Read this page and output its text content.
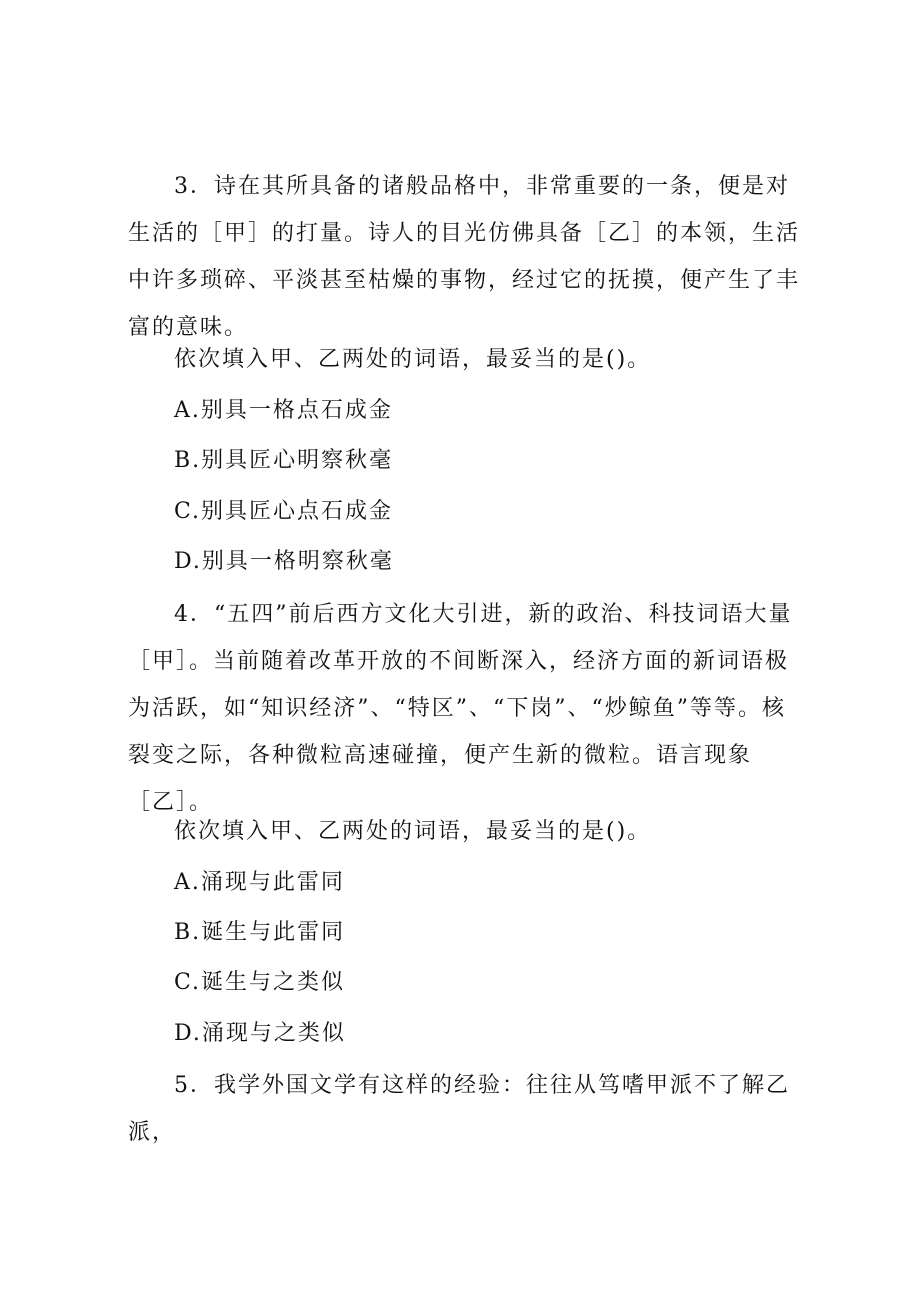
3．诗在其所具备的诸般品格中，非常重要的一条，便是对生活的［甲］的打量。诗人的目光仿佛具备［乙］的本领，生活中许多琐碎、平淡甚至枯燥的事物，经过它的抚摸，便产生了丰富的意味。

依次填入甲、乙两处的词语，最妥当的是()。

A.别具一格点石成金

B.别具匠心明察秋毫

C.别具匠心点石成金

D.别具一格明察秋毫

4．“五四”前后西方文化大引进，新的政治、科技词语大量［甲］。当前随着改革开放的不间断深入，经济方面的新词语极为活跃，如“知识经济”、“特区”、“下岗”、“炒鲸鱼”等等。核裂变之际，各种微粒高速碰撞，便产生新的微粒。语言现象［乙］。

依次填入甲、乙两处的词语，最妥当的是()。

A.涌现与此雷同

B.诞生与此雷同

C.诞生与之类似

D.涌现与之类似

5．我学外国文学有这样的经验：往往从笃嗜甲派不了解乙派，
